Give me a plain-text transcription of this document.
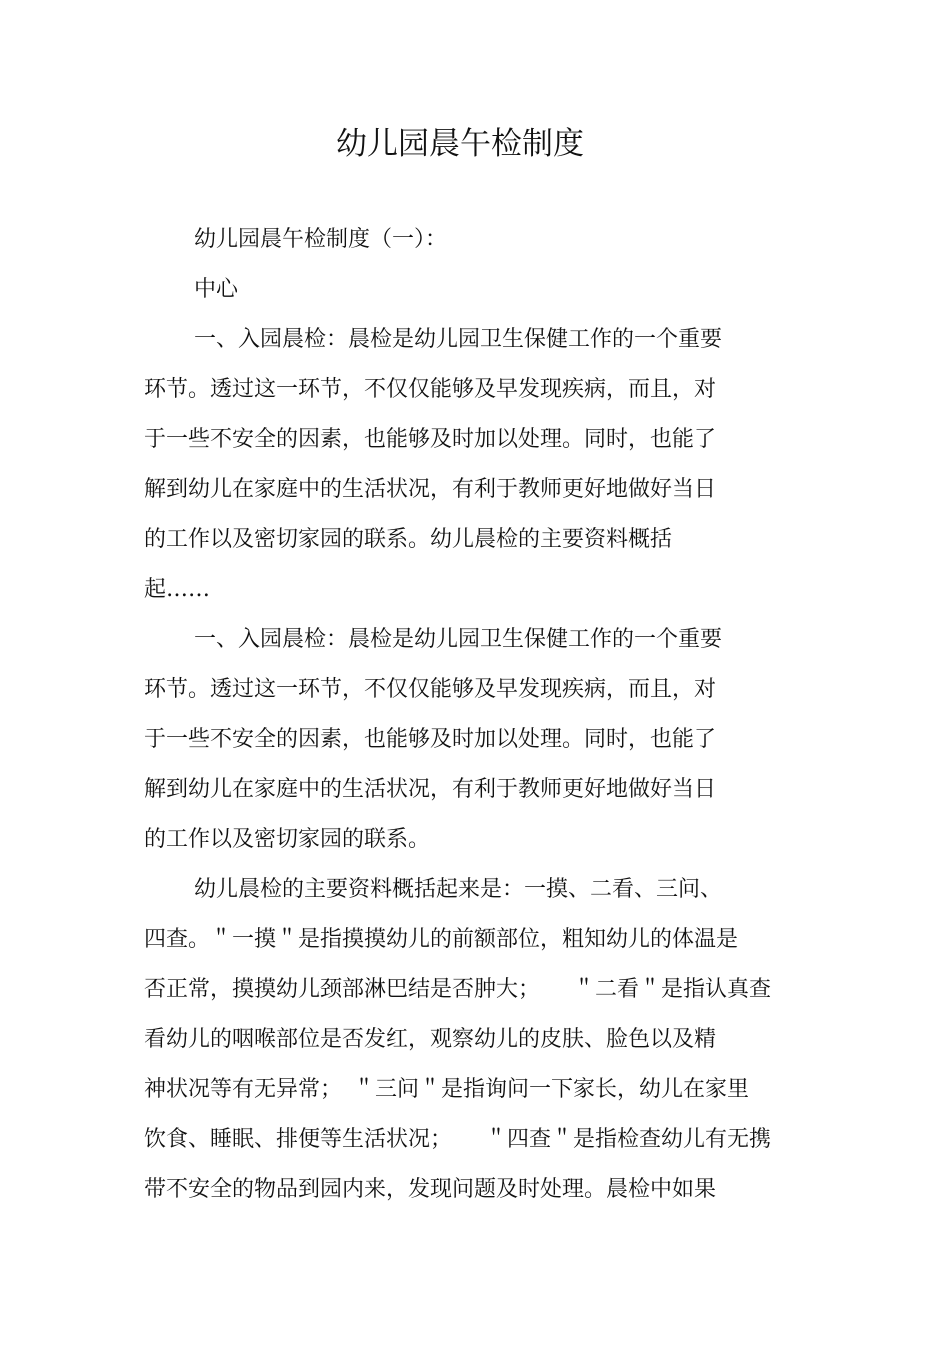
幼儿园晨午检制度
幼儿园晨午检制度（一）：
中心
一、入园晨检：晨检是幼儿园卫生保健工作的一个重要
环节。透过这一环节，不仅仅能够及早发现疾病，而且，对
于一些不安全的因素，也能够及时加以处理。同时，也能了
解到幼儿在家庭中的生活状况，有利于教师更好地做好当日
的工作以及密切家园的联系。幼儿晨检的主要资料概括
起……
一、入园晨检：晨检是幼儿园卫生保健工作的一个重要
环节。透过这一环节，不仅仅能够及早发现疾病，而且，对
于一些不安全的因素，也能够及时加以处理。同时，也能了
解到幼儿在家庭中的生活状况，有利于教师更好地做好当日
的工作以及密切家园的联系。
幼儿晨检的主要资料概括起来是：一摸、二看、三问、
四查。＂一摸＂是指摸摸幼儿的前额部位，粗知幼儿的体温是
否正常，摸摸幼儿颈部淋巴结是否肿大；　　＂二看＂是指认真查
看幼儿的咽喉部位是否发红，观察幼儿的皮肤、脸色以及精
神状况等有无异常；　＂三问＂是指询问一下家长，幼儿在家里
饮食、睡眠、排便等生活状况；　　＂四查＂是指检查幼儿有无携
带不安全的物品到园内来，发现问题及时处理。晨检中如果
